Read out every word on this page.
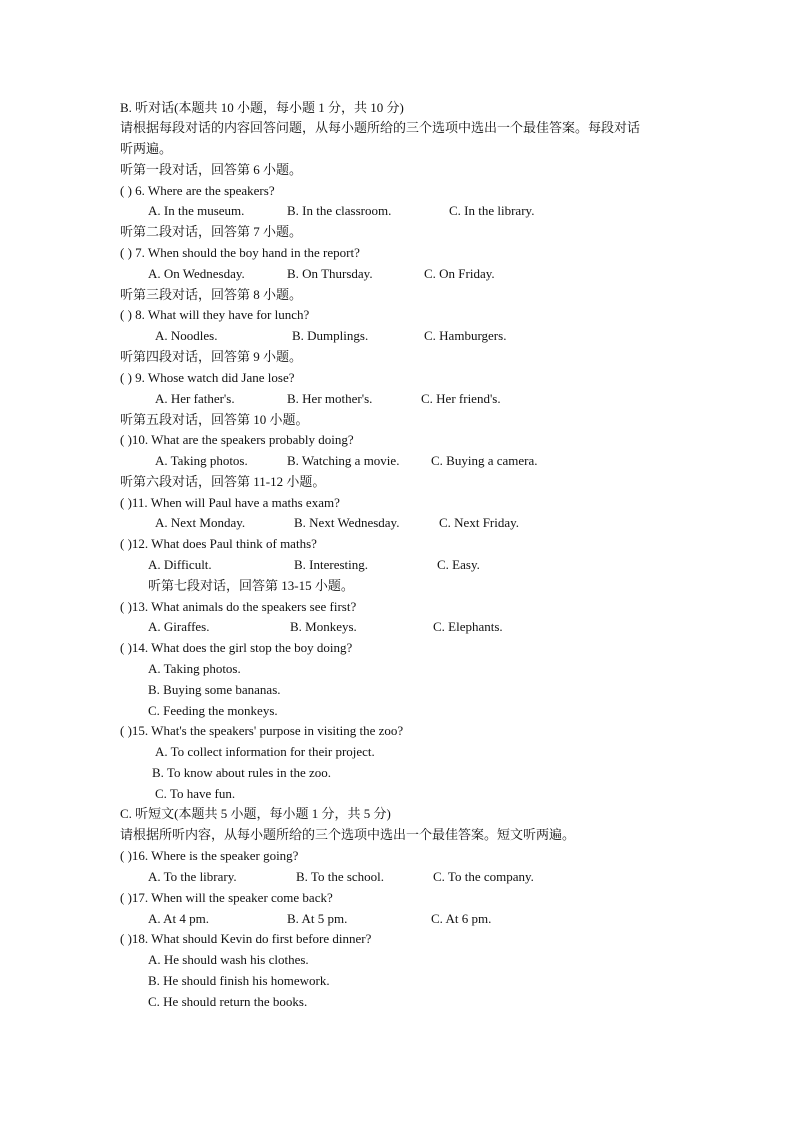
B. 听对话(本题共 10 小题，每小题 1 分，共 10 分)
请根据每段对话的内容回答问题，从每小题所给的三个选项中选出一个最佳答案。每段对话
听两遍。
听第一段对话，回答第 6 小题。
( ) 6. Where are the speakers?
A. In the museum.	B. In the classroom.	C. In the library.
听第二段对话，回答第 7 小题。
( ) 7. When should the boy hand in the report?
A. On Wednesday.	B. On Thursday.	C. On Friday.
听第三段对话，回答第 8 小题。
( ) 8. What will they have for lunch?
A. Noodles.	B. Dumplings.	C. Hamburgers.
听第四段对话，回答第 9 小题。
( ) 9. Whose watch did Jane lose?
A. Her father's.	B. Her mother's.	C. Her friend's.
听第五段对话，回答第 10 小题。
( )10. What are the speakers probably doing?
A. Taking photos.	B. Watching a movie. C. Buying a camera.
听第六段对话，回答第 11-12 小题。
( )11. When will Paul have a maths exam?
A. Next Monday.	B. Next Wednesday.	C. Next Friday.
( )12. What does Paul think of maths?
A. Difficult.	B. Interesting.	C. Easy.
听第七段对话，回答第 13-15 小题。
( )13. What animals do the speakers see first?
A. Giraffes.	B. Monkeys.	C. Elephants.
( )14. What does the girl stop the boy doing?
A. Taking photos.
B. Buying some bananas.
C. Feeding the monkeys.
( )15. What's the speakers' purpose in visiting the zoo?
A. To collect information for their project.
B. To know about rules in the zoo.
C. To have fun.
C. 听短文(本题共 5 小题，每小题 1 分，共 5 分)
请根据所听内容，从每小题所给的三个选项中选出一个最佳答案。短文听两遍。
( )16. Where is the speaker going?
A. To the library.	B. To the school.	C. To the company.
( )17. When will the speaker come back?
A. At 4 pm.	B. At 5 pm.	C. At 6 pm.
( )18. What should Kevin do first before dinner?
A. He should wash his clothes.
B. He should finish his homework.
C. He should return the books.
